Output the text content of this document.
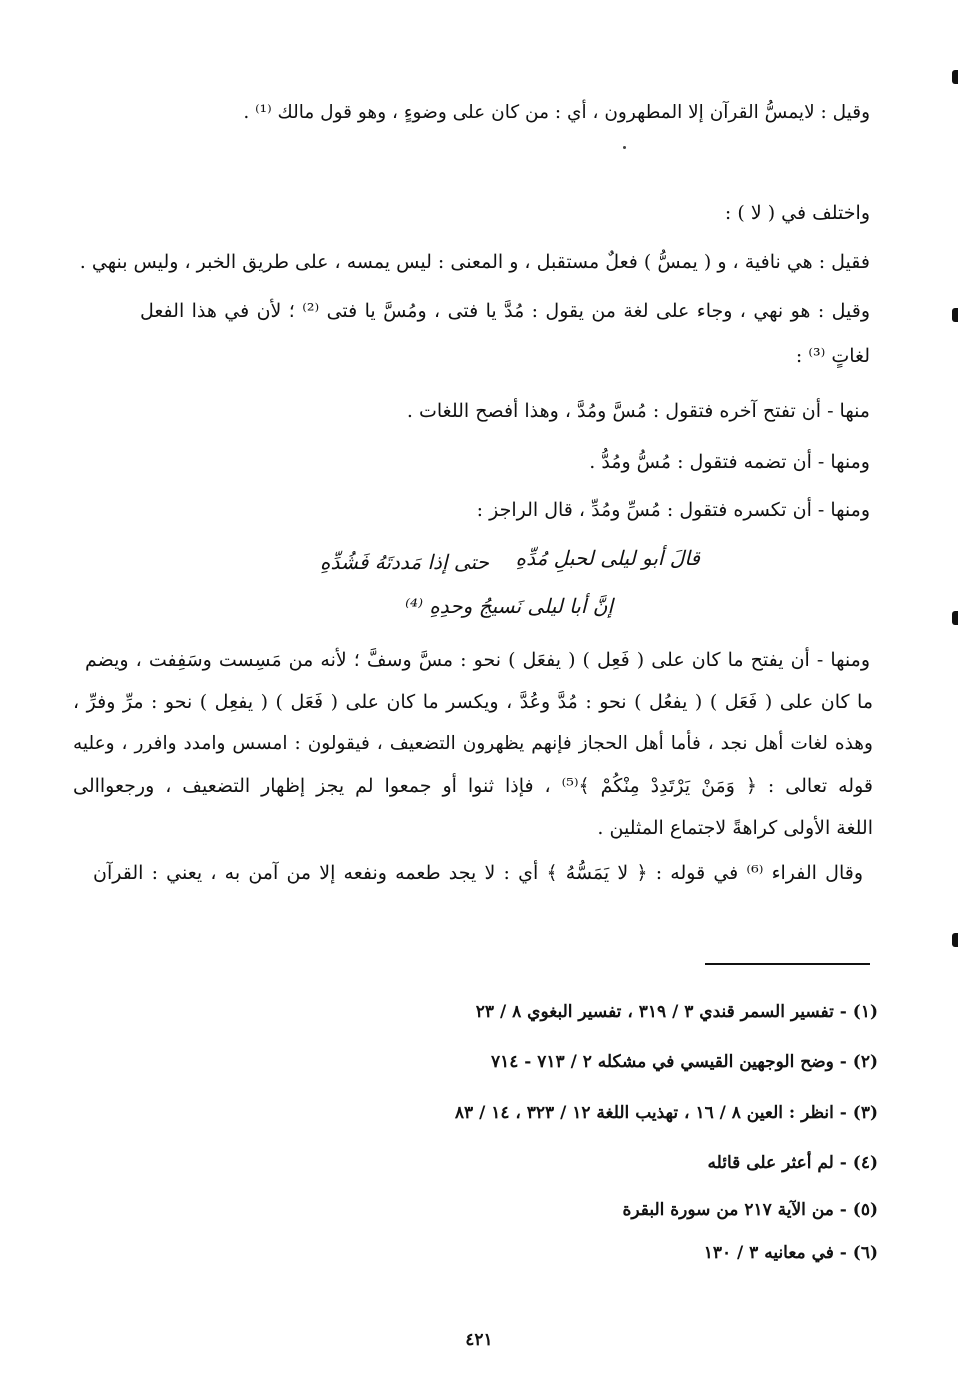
وقيل : لايمسُّ القرآن إلا المطهرون ، أي : من كان على وضوءٍ ، وهو قول مالك ⁽¹⁾ .
واختلف في ( لا ) :
فقيل : هي نافية ، و ( يمسُّ ) فعلٌ مستقبل ، و المعنى : ليس يمسه ، على طريق الخبر ، وليس بنهي .
وقيل : هو نهي ، وجاء على لغة من يقول : مُدَّ يا فتى ، ومُسَّ يا فتى ⁽²⁾ ؛ لأن في هذا الفعل
لغاتٍ ⁽³⁾ :
منها - أن تفتح آخره فتقول : مُسَّ ومُدَّ ، وهذا أفصح اللغات .
ومنها - أن تضمه فتقول : مُسُّ ومُدُّ .
ومنها - أن تكسره فتقول : مُسِّ ومُدِّ ، قال الراجز :
قالَ أبو ليلى لحبلِ مُدِّهِ
حتى إذا مَددتَهُ فَشُدِّهِ
إنَّ أبا ليلى نَسيجُ وحدِهِ ⁽⁴⁾
ومنها - أن يفتح ما كان على ( فَعِل ) ( يفعَل ) نحو : مسَّ وسفَّ ؛ لأنه من مَسِست وسَفِفت ، ويضم
ما كان على ( فَعَل ) ( يفعُل ) نحو : مُدَّ وعُدَّ ، ويكسر ما كان على ( فَعَل ) ( يفعِل ) نحو : مرِّ وفرِّ ،
وهذه لغات أهل نجد ، فأما أهل الحجاز فإنهم يظهرون التضعيف ، فيقولون : امسس وامدد وافرر ، وعليه
قوله تعالى : ﴿ وَمَنْ يَرْتَدِدْ مِنْكُمْ ﴾⁽⁵⁾ ، فإذا ثنوا أو جمعوا لم يجز إظهار التضعيف ، ورجعواالى
اللغة الأولى كراهةً لاجتماع المثلين .
وقال الفراء ⁽⁶⁾ في قوله : ﴿ لا يَمَسُّهُ ﴾ أي : لا يجد طعمه ونفعه إلا من آمن به ، يعني : القرآن
(١) - تفسير السمر قندي ٣ / ٣١٩ ، تفسير البغوي ٨ / ٢٣
(٢) - وضح الوجهين القيسي في مشكله ٢ / ٧١٣ - ٧١٤
(٣) - انظر : العين ٨ / ١٦ ، تهذيب اللغة ١٢ / ٣٢٣ ، ١٤ / ٨٣
(٤) - لم أعثر على قائله
(٥) - من الآية ٢١٧ من سورة البقرة
(٦) - في معانيه ٣ / ١٣٠
٤٢١
